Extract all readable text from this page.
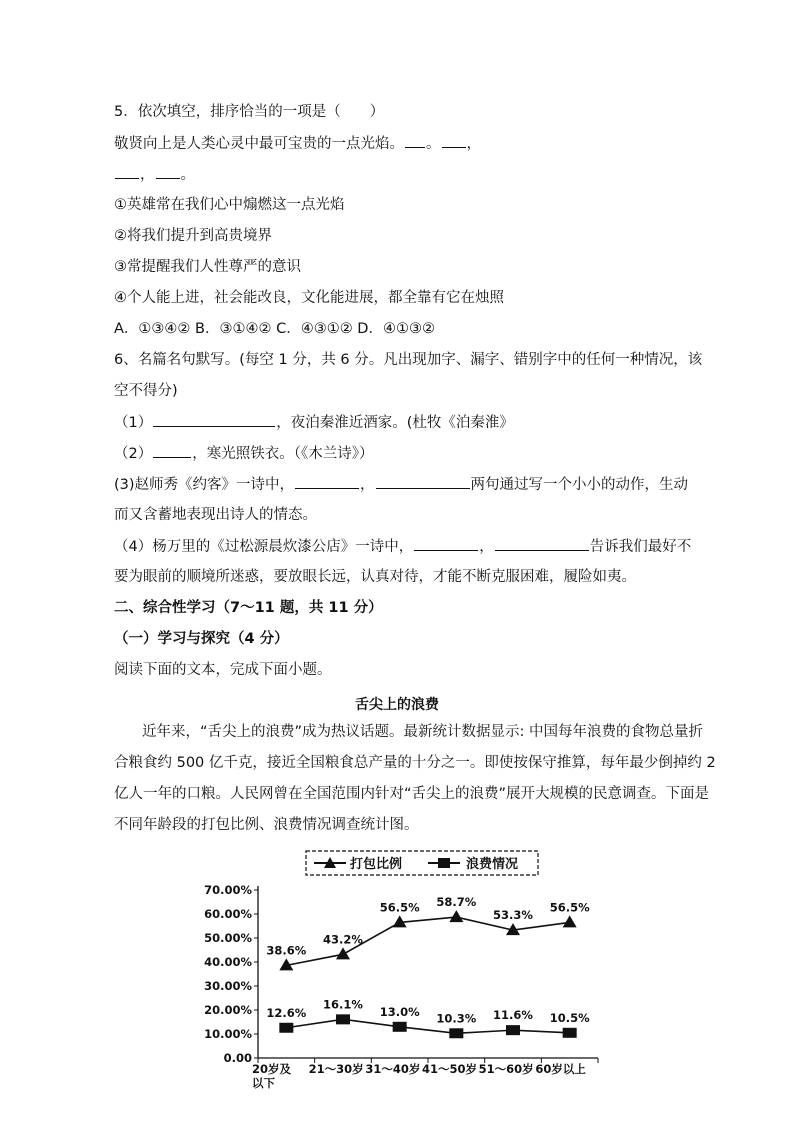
5．依次填空，排序恰当的一项是（　　）
敬贤向上是人类心灵中最可宝贵的一点光焰。 。 ，
， 。
①英雄常在我们心中煽燃这一点光焰
②将我们提升到高贵境界
③常提醒我们人性尊严的意识
④个人能上进，社会能改良，文化能进展，都全靠有它在烛照
A．①③④② B．③①④② C．④③①② D．④①③②
6、名篇名句默写。(每空 1 分，共 6 分。凡出现加字、漏字、错别字中的任何一种情况，该
空不得分)
（1）	，夜泊秦淮近酒家。(杜牧《泊秦淮》
（2）	，寒光照铁衣。（《木兰诗》）
(3)赵师秀《约客》一诗中，	，	两句通过写一个小小的动作，生动
而又含蓄地表现出诗人的情态。
（4）杨万里的《过松源晨炊漆公店》一诗中，	，	告诉我们最好不
要为眼前的顺境所迷惑，要放眼长远，认真对待，才能不断克服困难，履险如夷。
二、综合性学习（7～11 题，共 11 分）
（一）学习与探究（4 分）
阅读下面的文本，完成下面小题。
舌尖上的浪费
近年来，“舌尖上的浪费”成为热议话题。最新统计数据显示: 中国每年浪费的食物总量折
合粮食约 500 亿千克，接近全国粮食总产量的十分之一。即使按保守推算，每年最少倒掉约 2
亿人一年的口粮。人民网曾在全国范围内针对“舌尖上的浪费”展开大规模的民意调查。下面是
不同年龄段的打包比例、浪费情况调查统计图。
打包比例	浪费情况
0.00
10.00%
20.00%
30.00%
40.00%
50.00%
60.00%
70.00%
20岁及以下
21～30岁 31～40岁 41～50岁 51～60岁 60岁以上
38.6%
43.2%
56.5% 58.7%
53.3%
56.5%
12.6%
16.1%
13.0% 10.3% 11.6% 10.5%
